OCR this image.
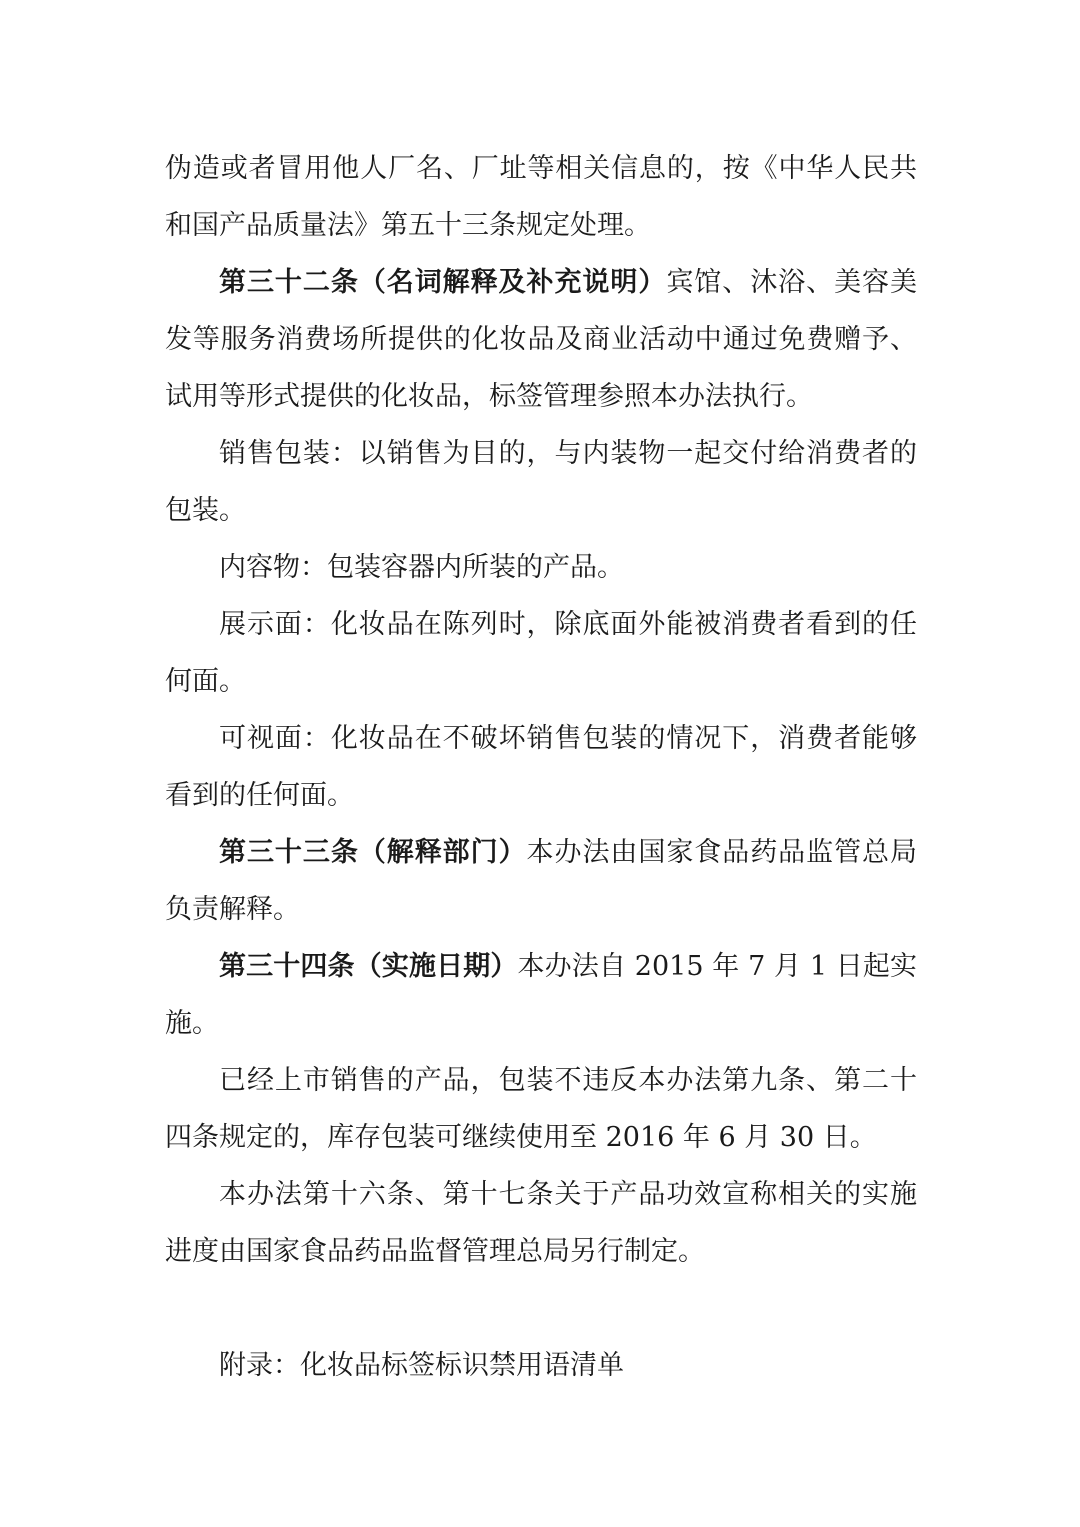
伪造或者冒用他人厂名、厂址等相关信息的，按《中华人民共和国产品质量法》第五十三条规定处理。

第三十二条（名词解释及补充说明）宾馆、沐浴、美容美发等服务消费场所提供的化妆品及商业活动中通过免费赠予、试用等形式提供的化妆品，标签管理参照本办法执行。

销售包装：以销售为目的，与内装物一起交付给消费者的包装。

内容物：包装容器内所装的产品。

展示面：化妆品在陈列时，除底面外能被消费者看到的任何面。

可视面：化妆品在不破坏销售包装的情况下，消费者能够看到的任何面。

第三十三条（解释部门）本办法由国家食品药品监管总局负责解释。

第三十四条（实施日期）本办法自 2015 年 7 月 1 日起实施。

已经上市销售的产品，包装不违反本办法第九条、第二十四条规定的，库存包装可继续使用至 2016 年 6 月 30 日。

本办法第十六条、第十七条关于产品功效宣称相关的实施进度由国家食品药品监督管理总局另行制定。

附录：化妆品标签标识禁用语清单
